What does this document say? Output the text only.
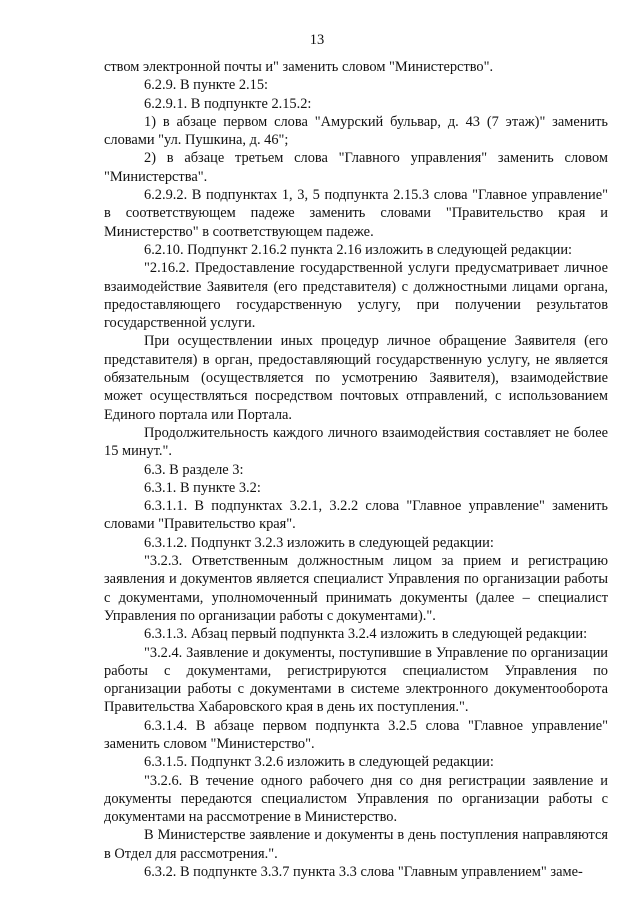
13

ством электронной почты и" заменить словом "Министерство".

6.2.9. В пункте 2.15:

6.2.9.1. В подпункте 2.15.2:

1) в абзаце первом слова "Амурский бульвар, д. 43 (7 этаж)" заменить словами "ул. Пушкина, д. 46";

2) в абзаце третьем слова "Главного управления" заменить словом "Министерства".

6.2.9.2. В подпунктах 1, 3, 5 подпункта 2.15.3 слова "Главное управление" в соответствующем падеже заменить словами "Правительство края и Министерство" в соответствующем падеже.

6.2.10. Подпункт 2.16.2 пункта 2.16 изложить в следующей редакции:

"2.16.2. Предоставление государственной услуги предусматривает личное взаимодействие Заявителя (его представителя) с должностными лицами органа, предоставляющего государственную услугу, при получении результатов государственной услуги.

При осуществлении иных процедур личное обращение Заявителя (его представителя) в орган, предоставляющий государственную услугу, не является обязательным (осуществляется по усмотрению Заявителя), взаимодействие может осуществляться посредством почтовых отправлений, с использованием Единого портала или Портала.

Продолжительность каждого личного взаимодействия составляет не более 15 минут.".

6.3. В разделе 3:

6.3.1. В пункте 3.2:

6.3.1.1. В подпунктах 3.2.1, 3.2.2 слова "Главное управление" заменить словами "Правительство края".

6.3.1.2. Подпункт 3.2.3 изложить в следующей редакции:

"3.2.3. Ответственным должностным лицом за прием и регистрацию заявления и документов является специалист Управления по организации работы с документами, уполномоченный принимать документы (далее – специалист Управления по организации работы с документами).".

6.3.1.3. Абзац первый подпункта 3.2.4 изложить в следующей редакции:

"3.2.4. Заявление и документы, поступившие в Управление по организации работы с документами, регистрируются специалистом Управления по организации работы с документами в системе электронного документооборота Правительства Хабаровского края в день их поступления.".

6.3.1.4. В абзаце первом подпункта 3.2.5 слова "Главное управление" заменить словом "Министерство".

6.3.1.5. Подпункт 3.2.6 изложить в следующей редакции:

"3.2.6. В течение одного рабочего дня со дня регистрации заявление и документы передаются специалистом Управления по организации работы с документами на рассмотрение в Министерство.

В Министерстве заявление и документы в день поступления направляются в Отдел для рассмотрения.".

6.3.2. В подпункте 3.3.7 пункта 3.3 слова "Главным управлением" заме-
